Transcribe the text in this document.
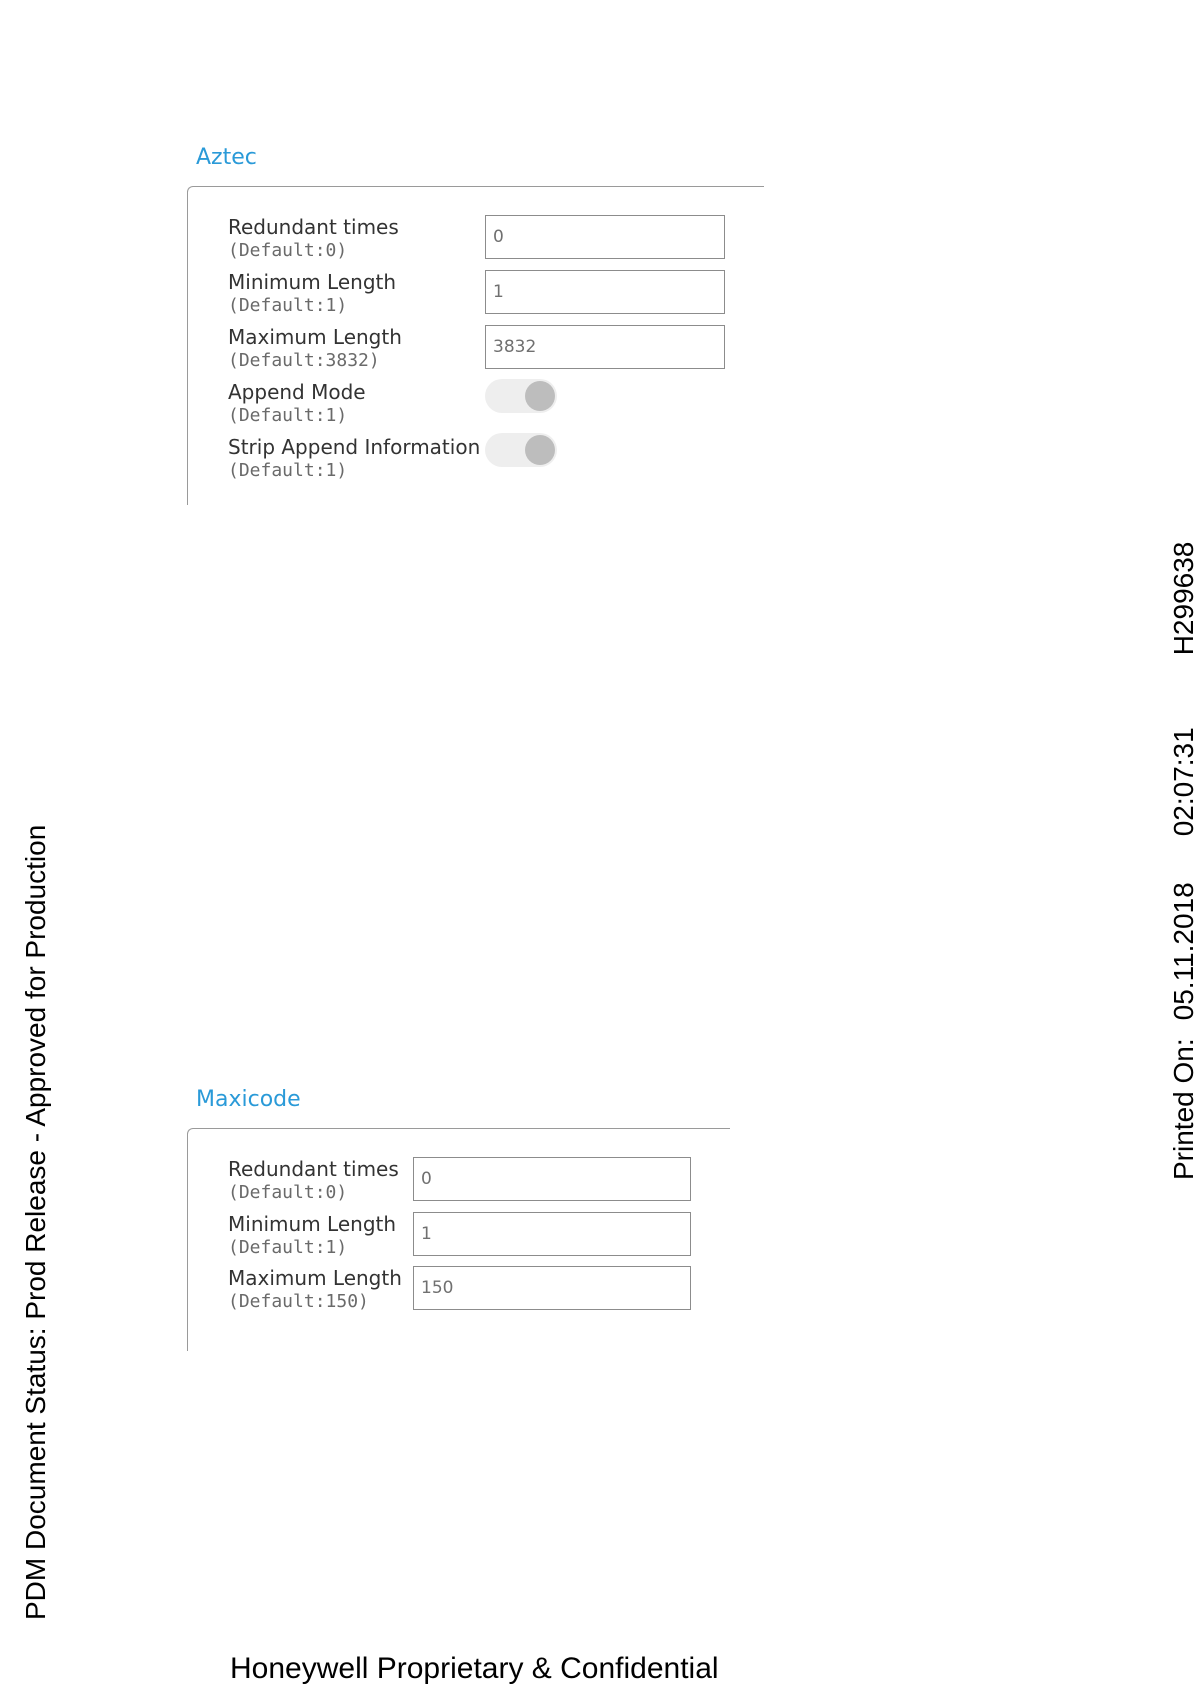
Aztec
Redundant times
(Default:0)
0
Minimum Length
(Default:1)
1
Maximum Length
(Default:3832)
3832
Append Mode
(Default:1)
Strip Append Information
(Default:1)
Maxicode
Redundant times
(Default:0)
0
Minimum Length
(Default:1)
1
Maximum Length
(Default:150)
150
PDM Document Status: Prod Release - Approved for Production	Printed On:
05.11.2018
02:07:31
H299638
Honeywell Proprietary & Confidential
